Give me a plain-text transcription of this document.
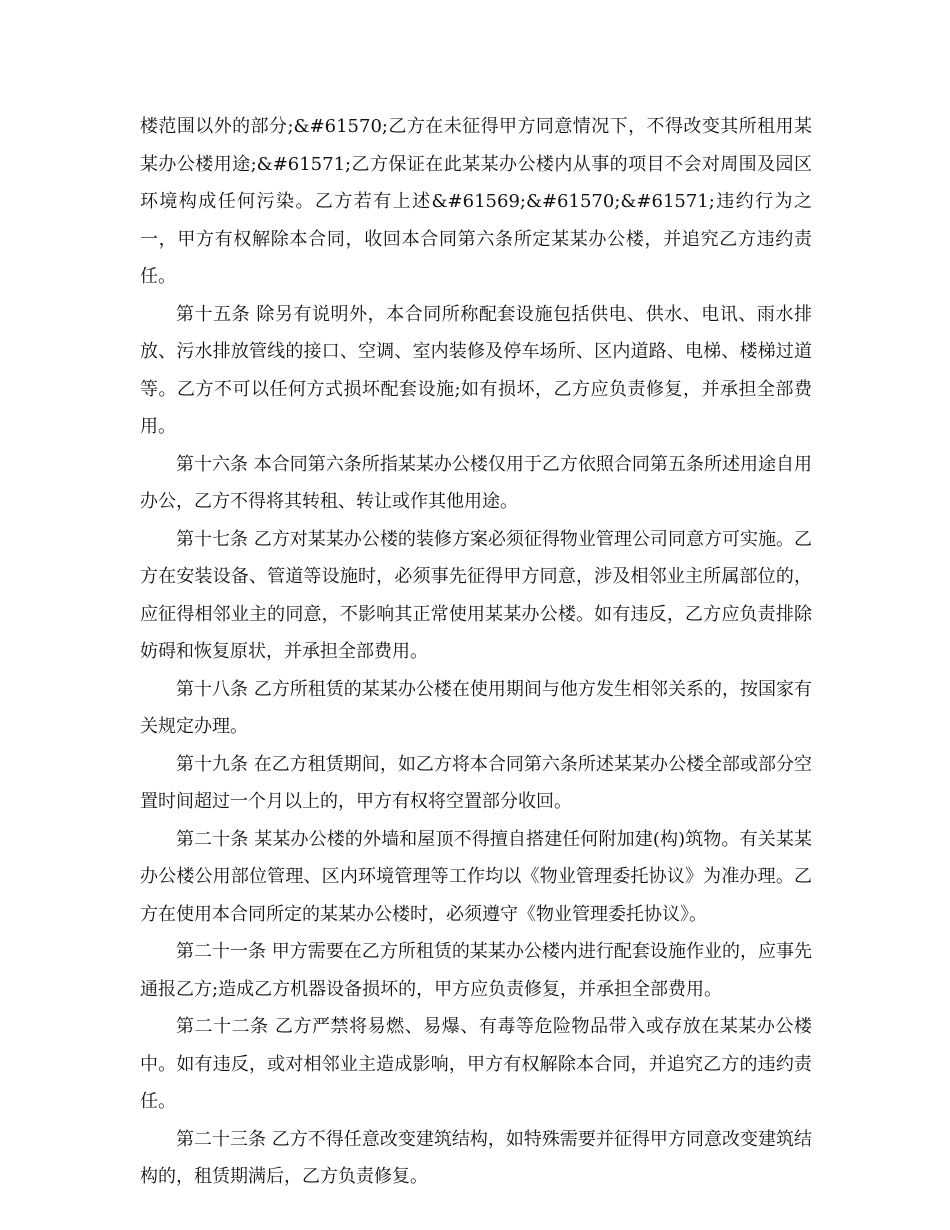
楼范围以外的部分;&#61570;乙方在未征得甲方同意情况下，不得改变其所租用某某办公楼用途;&#61571;乙方保证在此某某办公楼内从事的项目不会对周围及园区环境构成任何污染。乙方若有上述&#61569;&#61570;&#61571;违约行为之一，甲方有权解除本合同，收回本合同第六条所定某某办公楼，并追究乙方违约责任。

第十五条 除另有说明外，本合同所称配套设施包括供电、供水、电讯、雨水排放、污水排放管线的接口、空调、室内装修及停车场所、区内道路、电梯、楼梯过道等。乙方不可以任何方式损坏配套设施;如有损坏，乙方应负责修复，并承担全部费用。

第十六条 本合同第六条所指某某办公楼仅用于乙方依照合同第五条所述用途自用办公，乙方不得将其转租、转让或作其他用途。

第十七条 乙方对某某办公楼的装修方案必须征得物业管理公司同意方可实施。乙方在安装设备、管道等设施时，必须事先征得甲方同意，涉及相邻业主所属部位的，应征得相邻业主的同意，不影响其正常使用某某办公楼。如有违反，乙方应负责排除妨碍和恢复原状，并承担全部费用。

第十八条 乙方所租赁的某某办公楼在使用期间与他方发生相邻关系的，按国家有关规定办理。

第十九条 在乙方租赁期间，如乙方将本合同第六条所述某某办公楼全部或部分空置时间超过一个月以上的，甲方有权将空置部分收回。

第二十条 某某办公楼的外墙和屋顶不得擅自搭建任何附加建(构)筑物。有关某某办公楼公用部位管理、区内环境管理等工作均以《物业管理委托协议》为准办理。乙方在使用本合同所定的某某办公楼时，必须遵守《物业管理委托协议》。

第二十一条 甲方需要在乙方所租赁的某某办公楼内进行配套设施作业的，应事先通报乙方;造成乙方机器设备损坏的，甲方应负责修复，并承担全部费用。

第二十二条 乙方严禁将易燃、易爆、有毒等危险物品带入或存放在某某办公楼中。如有违反，或对相邻业主造成影响，甲方有权解除本合同，并追究乙方的违约责任。

第二十三条 乙方不得任意改变建筑结构，如特殊需要并征得甲方同意改变建筑结构的，租赁期满后，乙方负责修复。
